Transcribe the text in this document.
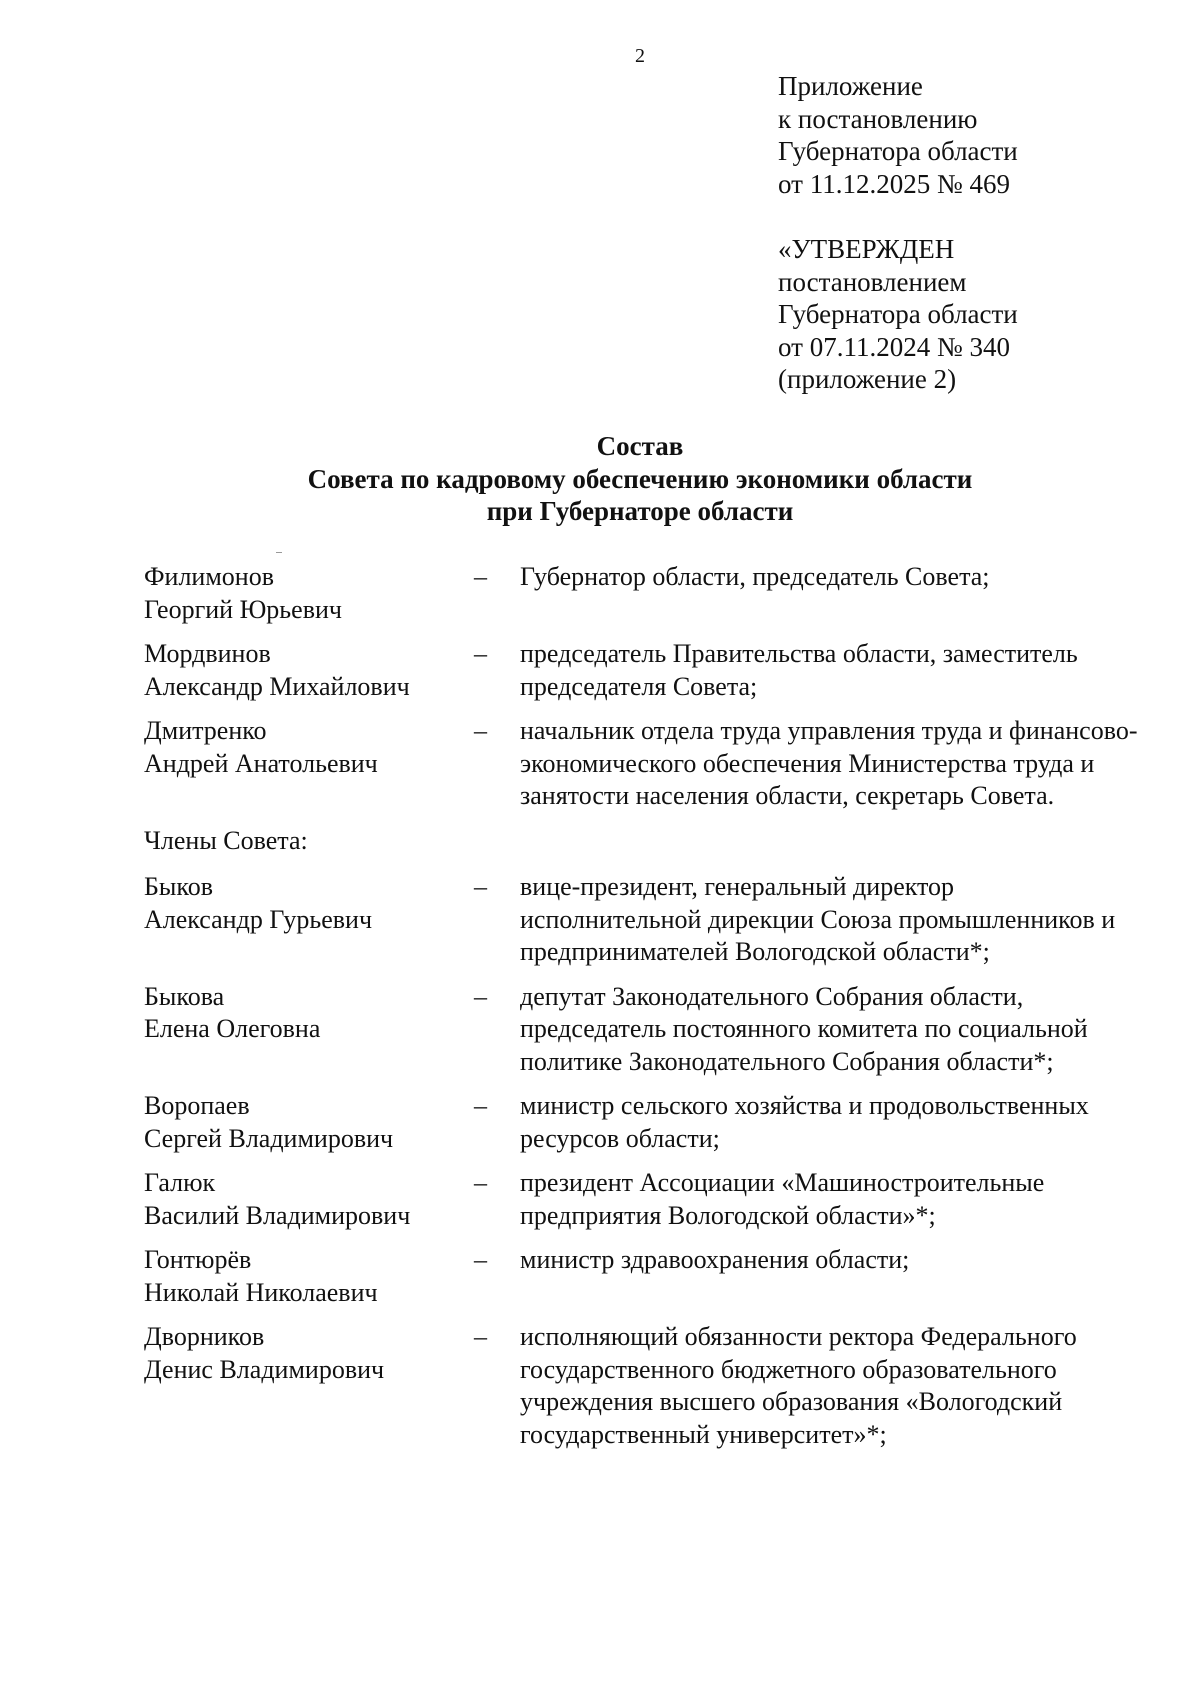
2
Приложение
к постановлению
Губернатора области
от 11.12.2025 № 469
«УТВЕРЖДЕН
постановлением
Губернатора области
от 07.11.2024 № 340
(приложение 2)
Состав
Совета по кадровому обеспечению экономики области
при Губернаторе области
Филимонов
Георгий Юрьевич
–	Губернатор области, председатель Совета;
Мордвинов
Александр Михайлович
–	председатель Правительства области, заместитель председателя Совета;
Дмитренко
Андрей Анатольевич
–	начальник отдела труда управления труда и финансово-экономического обеспечения Министерства труда и занятости населения области, секретарь Совета.
Члены Совета:
Быков
Александр Гурьевич
–	вице-президент, генеральный директор исполнительной дирекции Союза промышленников и предпринимателей Вологодской области*;
Быкова
Елена Олеговна
–	депутат Законодательного Собрания области, председатель постоянного комитета по социальной политике Законодательного Собрания области*;
Воропаев
Сергей Владимирович
–	министр сельского хозяйства и продовольственных ресурсов области;
Галюк
Василий Владимирович
–	президент Ассоциации «Машиностроительные предприятия Вологодской области»*;
Гонтюрёв
Николай Николаевич
–	министр здравоохранения области;
Дворников
Денис Владимирович
–	исполняющий обязанности ректора Федерального государственного бюджетного образовательного учреждения высшего образования «Вологодский государственный университет»*;
